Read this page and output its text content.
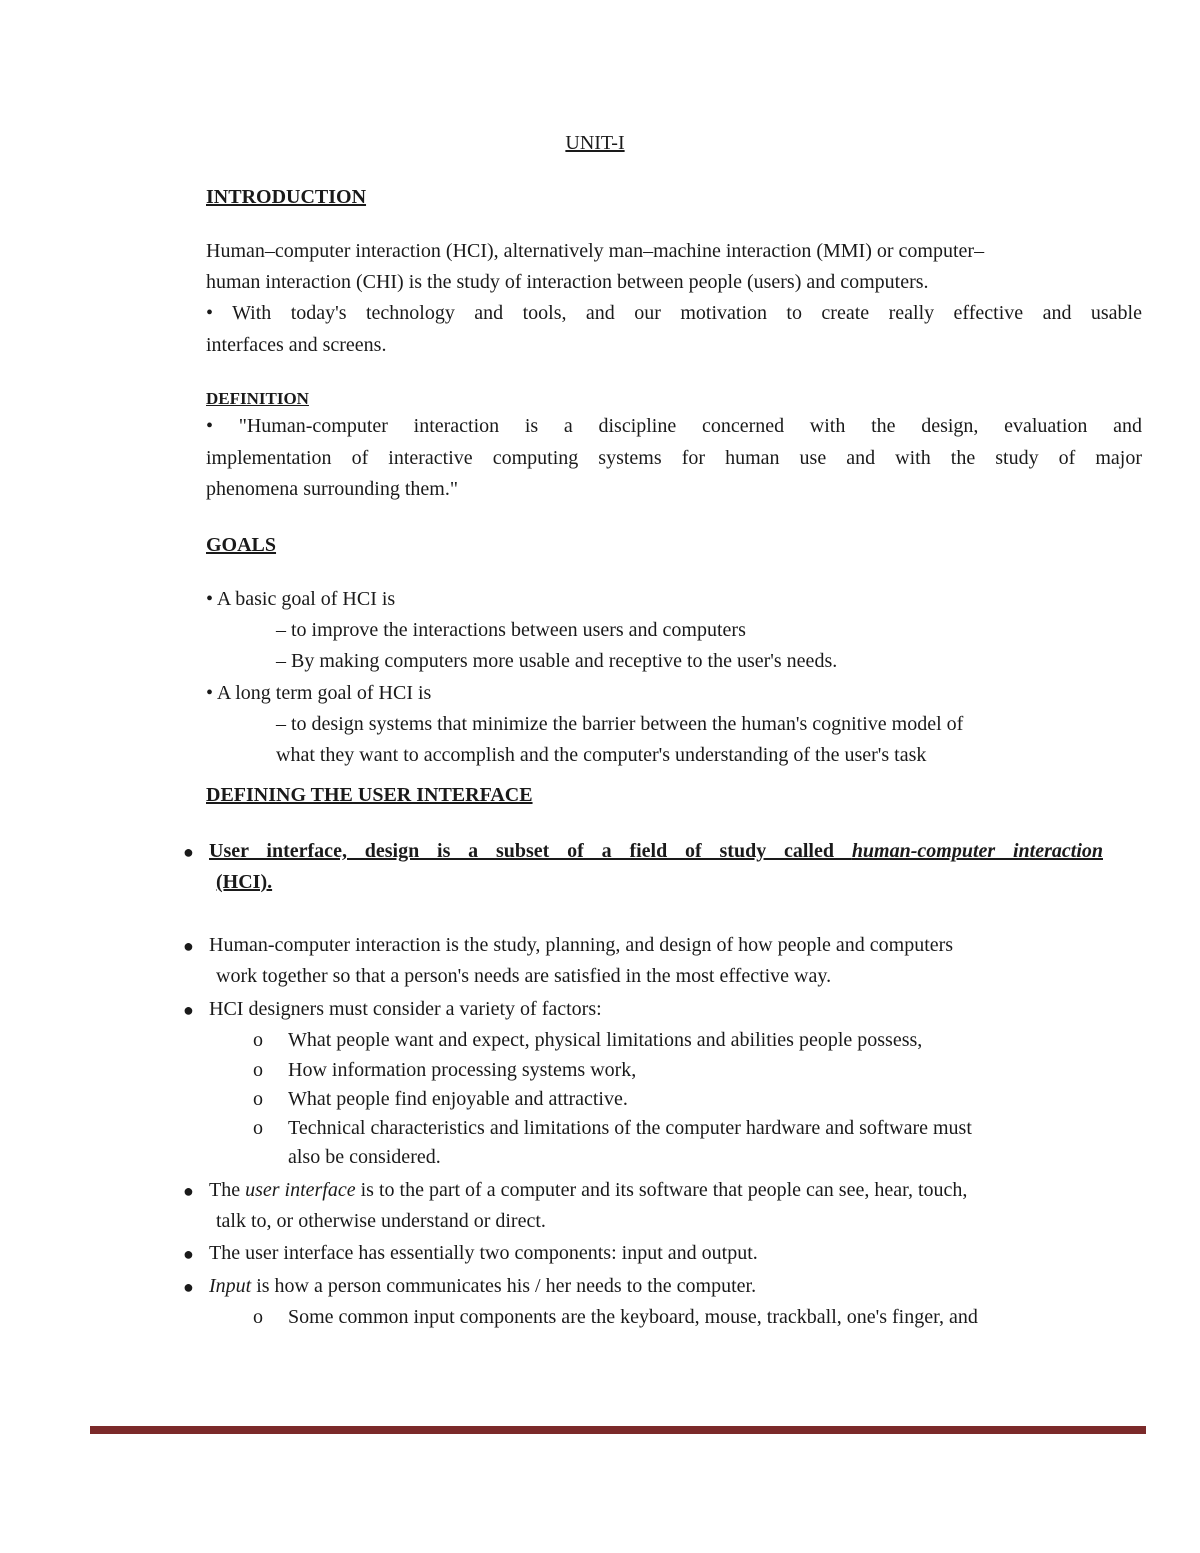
UNIT-I
INTRODUCTION
Human–computer interaction (HCI), alternatively man–machine interaction (MMI) or computer–
human interaction (CHI) is the study of interaction between people (users) and computers.
• With today's technology and tools, and our motivation to create really effective and usable
interfaces and screens.
DEFINITION
• "Human-computer interaction is a discipline concerned with the design, evaluation and
implementation of interactive computing systems for human use and with the study of major
phenomena surrounding them."
GOALS
• A basic goal of HCI is
– to improve the interactions between users and computers
– By making computers more usable and receptive to the user's needs.
• A long term goal of HCI is
– to design systems that minimize the barrier between the human's cognitive model of
what they want to accomplish and the computer's understanding of the user's task
DEFINING THE USER INTERFACE
● User interface, design is a subset of a field of study called human-computer interaction
(HCI).
● Human-computer interaction is the study, planning, and design of how people and computers
work together so that a person's needs are satisfied in the most effective way.
● HCI designers must consider a variety of factors:
o What people want and expect, physical limitations and abilities people possess,
o How information processing systems work,
o What people find enjoyable and attractive.
o Technical characteristics and limitations of the computer hardware and software must
also be considered.
● The user interface is to the part of a computer and its software that people can see, hear, touch,
talk to, or otherwise understand or direct.
● The user interface has essentially two components: input and output.
● Input is how a person communicates his / her needs to the computer.
o Some common input components are the keyboard, mouse, trackball, one's finger, and
